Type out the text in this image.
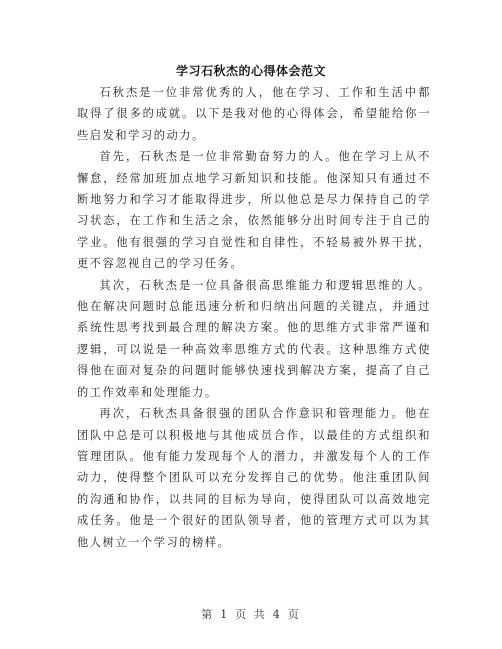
学习石秋杰的心得体会范文

石秋杰是一位非常优秀的人，他在学习、工作和生活中都取得了很多的成就。以下是我对他的心得体会，希望能给你一些启发和学习的动力。

首先，石秋杰是一位非常勤奋努力的人。他在学习上从不懈怠，经常加班加点地学习新知识和技能。他深知只有通过不断地努力和学习才能取得进步，所以他总是尽力保持自己的学习状态，在工作和生活之余，依然能够分出时间专注于自己的学业。他有很强的学习自觉性和自律性，不轻易被外界干扰，更不容忽视自己的学习任务。

其次，石秋杰是一位具备很高思维能力和逻辑思维的人。他在解决问题时总能迅速分析和归纳出问题的关键点，并通过系统性思考找到最合理的解决方案。他的思维方式非常严谨和逻辑，可以说是一种高效率思维方式的代表。这种思维方式使得他在面对复杂的问题时能够快速找到解决方案，提高了自己的工作效率和处理能力。

再次，石秋杰具备很强的团队合作意识和管理能力。他在团队中总是可以积极地与其他成员合作，以最佳的方式组织和管理团队。他有能力发现每个人的潜力，并激发每个人的工作动力，使得整个团队可以充分发挥自己的优势。他注重团队间的沟通和协作，以共同的目标为导向，使得团队可以高效地完成任务。他是一个很好的团队领导者，他的管理方式可以为其他人树立一个学习的榜样。

第 1 页 共 4 页
